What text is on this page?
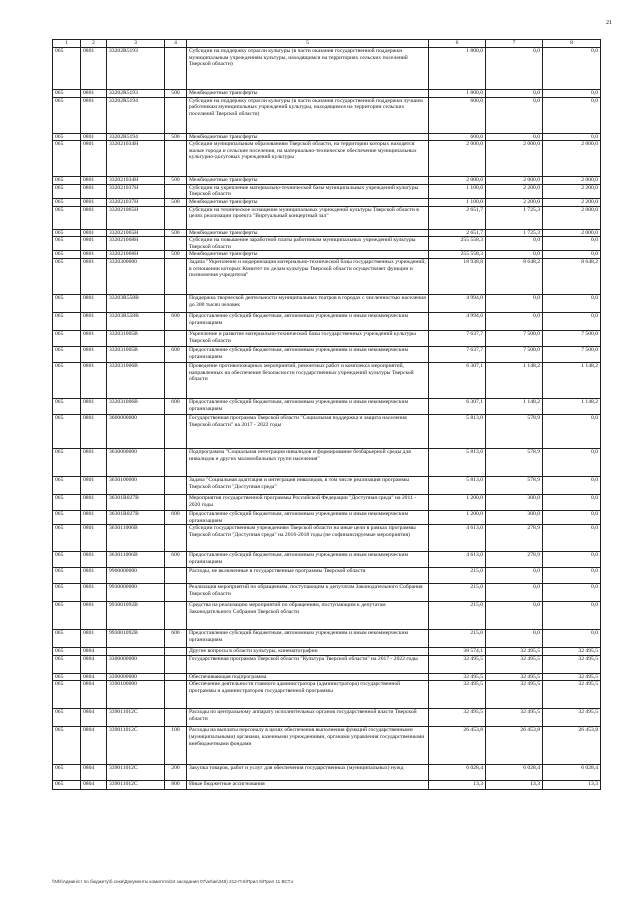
21
1	2	3	4	5	6	7	8
065	0801	33202R5193		Субсидии на поддержку отрасли культуры (в части оказания государственной поддержки муниципальным учреждениям культуры, находящимся на территориях сельских поселений Тверской области)	1 800,0	0,0	0,0
065	0801	33202R5193	500	Межбюджетные трансферты	1 800,0	0,0	0,0
065	0801	33202R5194		Субсидии на поддержку отрасли культуры (в части оказания государственной поддержки лучшим работникам муниципальных учреждений культуры, находящимся на территории сельских поселений Тверской области)	600,0	0,0	0,0
065	0801	33202R5194	500	Межбюджетные трансферты	600,0	0,0	0,0
065	0801	332021034H		Субсидии муниципальным образованиям Тверской области, на территории которых находятся малые города и сельские поселения, на материально-техническое обеспечение муниципальных культурно-досуговых учреждений культуры	2 000,0	2 000,0	2 000,0
065	0801	332021034H	500	Межбюджетные трансферты	2 000,0	2 000,0	2 000,0
065	0801	332021037H		Субсидии на укрепление материально-технической базы муниципальных учреждений культуры Тверской области	1 100,0	2 200,0	2 200,0
065	0801	332021037H	500	Межбюджетные трансферты	1 100,0	2 200,0	2 200,0
065	0801	332021065H		Субсидии на техническое оснащение муниципальных учреждений культуры Тверской области в целях реализации проекта "Виртуальный концертный зал"	2 651,7	1 725,3	2 000,0
065	0801	332021065H	500	Межбюджетные трансферты	2 651,7	1 725,3	2 000,0
065	0801	332021068H		Субсидии на повышение заработной платы работникам муниципальных учреждений культуры Тверской области	255 558,3	0,0	0,0
065	0801	332021068H	500	Межбюджетные трансферты	255 558,3	0,0	0,0
065	0801	3320300000		Задача "Укрепление и модернизация материально-технической базы государственных учреждений, в отношении которых Комитет по делам культуры Тверской области осуществляет функции и полномочия учредителя"	18 938,8	8 648,2	8 648,2
065	0801	33203R558B		Поддержка творческой деятельности муниципальных театров в городах с численностью населения до 300 тысяч человек	4 994,0	0,0	0,0
065	0801	33203R558B	600	Предоставление субсидий бюджетным, автономным учреждениям и иным некоммерческим организациям	4 994,0	0,0	0,0
065	0801	332031005B		Укрепление и развитие материально-технической базы государственных учреждений культуры Тверской области	7 637,7	7 500,0	7 500,0
065	0801	332031005B	600	Предоставление субсидий бюджетным, автономным учреждениям и иным некоммерческим организациям	7 637,7	7 500,0	7 500,0
065	0801	332031006B		Проведение противопожарных мероприятий, ремонтных работ и комплекса мероприятий, направленных на обеспечение безопасности государственных учреждений культуры Тверской области	6 307,1	1 148,2	1 148,2
065	0801	332031006B	600	Предоставление субсидий бюджетным, автономным учреждениям и иным некоммерческим организациям	6 307,1	1 148,2	1 148,2
065	0801	3600000000		Государственная программа Тверской области "Социальная поддержка и защита населения Тверской области" на 2017 - 2022 годы	5 813,0	578,9	0,0
065	0801	3630000000		Подпрограмма "Социальная интеграция инвалидов и формирование безбарьерной среды для инвалидов и других маломобильных групп населения"	5 813,0	578,9	0,0
065	0801	3630100000		Задача "Социальная адаптация и интеграция инвалидов, в том числе реализация программы Тверской области "Доступная среда"	5 813,0	578,9	0,0
065	0801	36301R027B		Мероприятия государственной программы Российской Федерации "Доступная среда" на 2011 - 2020 годы	1 200,0	300,0	0,0
065	0801	36301R027B	600	Предоставление субсидий бюджетным, автономным учреждениям и иным некоммерческим организациям	1 200,0	300,0	0,0
065	0801	363011006B		Субсидии государственным учреждениям Тверской области на иные цели в рамках программы Тверской области "Доступная среда" на 2016-2018 годы (не софинансируемые мероприятия)	4 613,0	278,9	0,0
065	0801	363011006B	600	Предоставление субсидий бюджетным, автономным учреждениям и иным некоммерческим организациям	4 613,0	278,9	0,0
065	0801	9900000000		Расходы, не включенные в государственные программы Тверской области	215,0	0,0	0,0
065	0801	9930000000		Реализация мероприятий по обращениям, поступающим к депутатам Законодательного Собрания Тверской области	215,0	0,0	0,0
065	0801	993001092B		Средства на реализацию мероприятий по обращениям, поступающим к депутатам Законодательного Собрания Тверской области	215,0	0,0	0,0
065	0801	993001092B	600	Предоставление субсидий бюджетным, автономным учреждениям и иным некоммерческим организациям	215,0	0,0	0,0
065	0804			Другие вопросы в области культуры, кинематографии	38 574,1	32 495,5	32 495,5
065	0804	3300000000		Государственная программа Тверской области "Культура Тверской области" на 2017 - 2022 годы	32 495,5	32 495,5	32 495,5
065	0804	3390000000		Обеспечивающая подпрограмма	32 495,5	32 495,5	32 495,5
065	0804	3390100000		Обеспечение деятельности главного администратора (администратора) государственной программы и администраторов государственной программы	32 495,5	32 495,5	32 495,5
065	0804	339011012C		Расходы по центральному аппарату исполнительных органов государственной власти Тверской области	32 495,5	32 495,5	32 495,5
065	0804	339011012C	100	Расходы на выплаты персоналу в целях обеспечения выполнения функций государственными (муниципальными) органами, казенными учреждениями, органами управления государственными внебюджетными фондами	26 453,8	26 453,8	26 453,8
065	0804	339011012C	200	Закупка товаров, работ и услуг для обеспечения государственных (муниципальных) нужд	6 028,4	6 028,4	6 028,4
065	0804	339011012C	800	Иные бюджетные ассигнования	13,3	13,3	13,3
\\Nfs\Админ\ст по бюджету\б.секи\Документы комитета\24 заседания 07\ая\ак\348) 312-П-6\Прил 5\Прил 11 ВСТ.х
